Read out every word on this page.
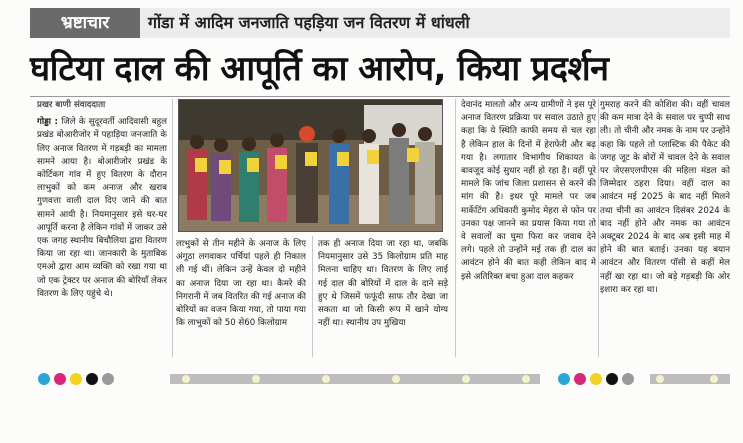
भ्रष्टाचार	गोंडा में आदिम जनजाति पहड़िया जन वितरण में धांधली
घटिया दाल की आपूर्ति का आरोप, किया प्रदर्शन
प्रखर बाणी संवाददाता

गोड्डा : जिले के सुदूरवर्ती आदिवासी बहुल प्रखंड बोआरीजोर में पहाड़िया जनजाति के लिए अनाज वितरण में गड़बड़ी का मामला सामने आया है। बोआरीजोर प्रखंड के कोर्टिकग गांव में हुए वितरण के दौरान लाभुकों को कम अनाज और खराब गुणवत्ता वाली दाल दिए जाने की बात सामने आयी है। नियमानुसार इसे घर-घर आपूर्ति करना है लेकिन गांवों में जाकर उसे एक जगह स्थानीय बिचौलिया द्वारा वितरण किया जा रहा था। जानकारी के मुताबिक एमओ द्वारा आम व्यक्ति को रखा गया था जो एक ट्रेक्टर पर अनाज की बोरियाँ लेकर वितरण के लिए पहुंचे थे।

लाभुकों से तीन महीने के अनाज के लिए अंगूठा लगवाकर पर्चियां पहले ही निकाल ली गई थीं। लेकिन उन्हें केवल दो महीने का अनाज दिया जा रहा था। कैमरे की निगरानी में जब वितरित की गई अनाज की बोरियों का वजन किया गया, तो पाया गया कि लाभुकों को 50 से60 किलोग्राम

तक ही अनाज दिया जा रहा था, जबकि नियमानुसार उसे 35 किलोग्राम प्रति माह मिलना चाहिए था। वितरण के लिए लाई गई दाल की बोरियों में दाल के दाने सड़े हुए थे जिसमें फफूंदी साफ तौर देखा जा सकता था जो किसी रूप में खाने योग्य नहीं था। स्थानीय उप मुखिया

देवानंद मालतो और अन्य ग्रामीणों ने इस पूरे अनाज वितरण प्रक्रिया पर सवाल उठाते हुए कहा कि ये स्थिति काफी समय से चल रहा है लेकिन हाल के दिनों में हेराफेरी और बढ़ गया है। लगातार विभागीय शिकायत के बावजूद कोई सुधार नहीं हो रहा है। वहीं पूरे मामले कि जांच जिला प्रशासन से करने की मांग की है। इधर पूरे मामले पर जब मार्केटिंग अधिकारी कुमोद मेहरा से फोन पर उनका पक्ष जानने का प्रयास किया गया तो वे सवालों का घुमा फिरा कर जवाब देने लगे। पहले तो उन्होंने मई तक ही दाल का आवंटन होने की बात कही लेकिन बाद मे इसे अतिरिक्त बचा हुआ दाल कहकर

गुमराह करने की कोशिश की। वहीं चावल की कम मात्रा देने के सवाल पर चुप्पी साध ली। तो चीनी और नमक के नाम पर उन्होंने कहा कि पहले तो प्लास्टिक की पैकेट की जगह जूट के बोरों में चावल देने के सवाल पर जेएसएलपीएस की महिला मंडल को जिम्मेदार ठहरा दिया। वहीं दाल का आवंटन मई 2025 के बाद नहीं मिलने तथा चीनी का आवंटन दिसंबर 2024 के बाद नहीं होने और नमक का आवंटन अक्टूबर 2024 के बाद अब इसी माह में होने की बात बताई। उनका यह बयान आवंटन और वितरण पॉसी से कहीं मेल नहीं खा रहा था। जो बड़े गड़बड़ी कि ओर इशारा कर रहा था।
